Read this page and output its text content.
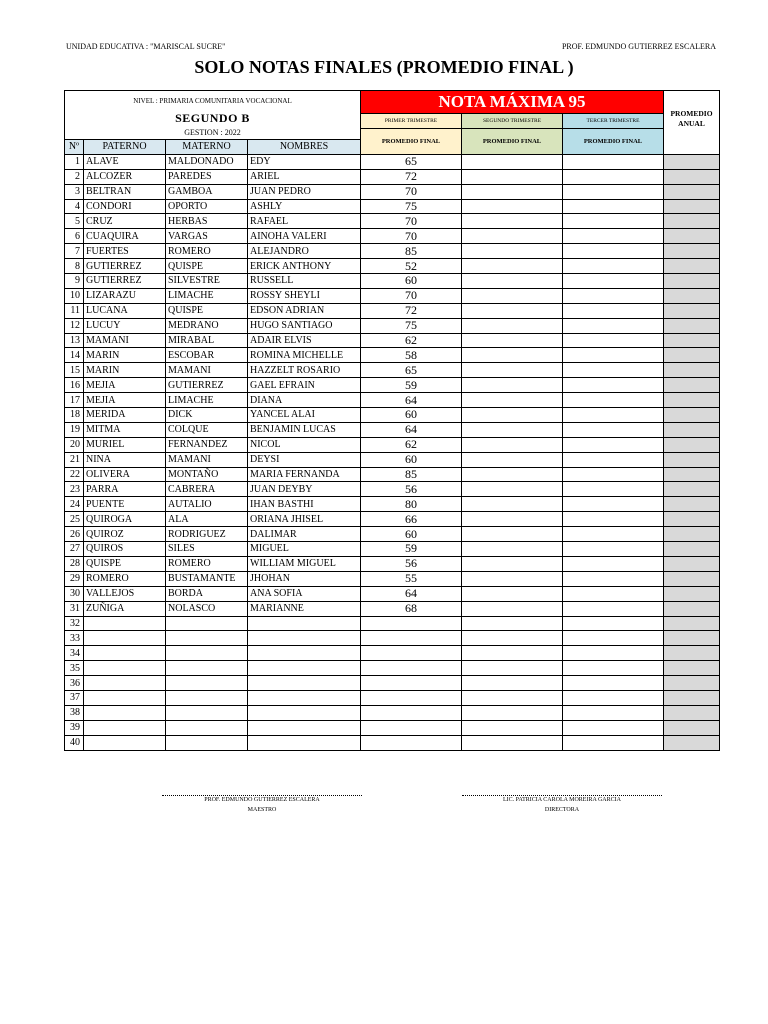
UNIDAD EDUCATIVA : "MARISCAL SUCRE"	PROF. EDMUNDO GUTIERREZ ESCALERA
SOLO NOTAS FINALES (PROMEDIO FINAL )
NIVEL : PRIMARIA COMUNITARIA VOCACIONAL
SEGUNDO B
GESTION : 2022				NOTA MÁXIMA 95			PROMEDIO ANUAL
				PRIMER TRIMESTRE	SEGUNDO TRIMESTRE	TERCER TRIMESTRE	
				PROMEDIO FINAL	PROMEDIO FINAL	PROMEDIO FINAL	
Nº	PATERNO	MATERNO	NOMBRES				
1	ALAVE	MALDONADO	EDY	65			
2	ALCOZER	PAREDES	ARIEL	72			
3	BELTRAN	GAMBOA	JUAN PEDRO	70			
4	CONDORI	OPORTO	ASHLY	75			
5	CRUZ	HERBAS	RAFAEL	70			
6	CUAQUIRA	VARGAS	AINOHA VALERI	70			
7	FUERTES	ROMERO	ALEJANDRO	85			
8	GUTIERREZ	QUISPE	ERICK ANTHONY	52			
9	GUTIERREZ	SILVESTRE	RUSSELL	60			
10	LIZARAZU	LIMACHE	ROSSY SHEYLI	70			
11	LUCANA	QUISPE	EDSON ADRIAN	72			
12	LUCUY	MEDRANO	HUGO SANTIAGO	75			
13	MAMANI	MIRABAL	ADAIR ELVIS	62			
14	MARIN	ESCOBAR	ROMINA MICHELLE	58			
15	MARIN	MAMANI	HAZZELT ROSARIO	65			
16	MEJIA	GUTIERREZ	GAEL EFRAIN	59			
17	MEJIA	LIMACHE	DIANA	64			
18	MERIDA	DICK	YANCEL ALAI	60			
19	MITMA	COLQUE	BENJAMIN LUCAS	64			
20	MURIEL	FERNANDEZ	NICOL	62			
21	NINA	MAMANI	DEYSI	60			
22	OLIVERA	MONTAÑO	MARIA FERNANDA	85			
23	PARRA	CABRERA	JUAN DEYBY	56			
24	PUENTE	AUTALIO	IHAN BASTHI	80			
25	QUIROGA	ALA	ORIANA JHISEL	66			
26	QUIROZ	RODRIGUEZ	DALIMAR	60			
27	QUIROS	SILES	MIGUEL	59			
28	QUISPE	ROMERO	WILLIAM MIGUEL	56			
29	ROMERO	BUSTAMANTE	JHOHAN	55			
30	VALLEJOS	BORDA	ANA SOFIA	64			
31	ZUÑIGA	NOLASCO	MARIANNE	68			
32							
33							
34							
35							
36							
37							
38							
39							
40							
PROF. EDMUNDO GUTIERREZ ESCALERA
MAESTRO
LIC. PATRICIA CAROLA MOREIRA GARCIA
DIRECTORA
